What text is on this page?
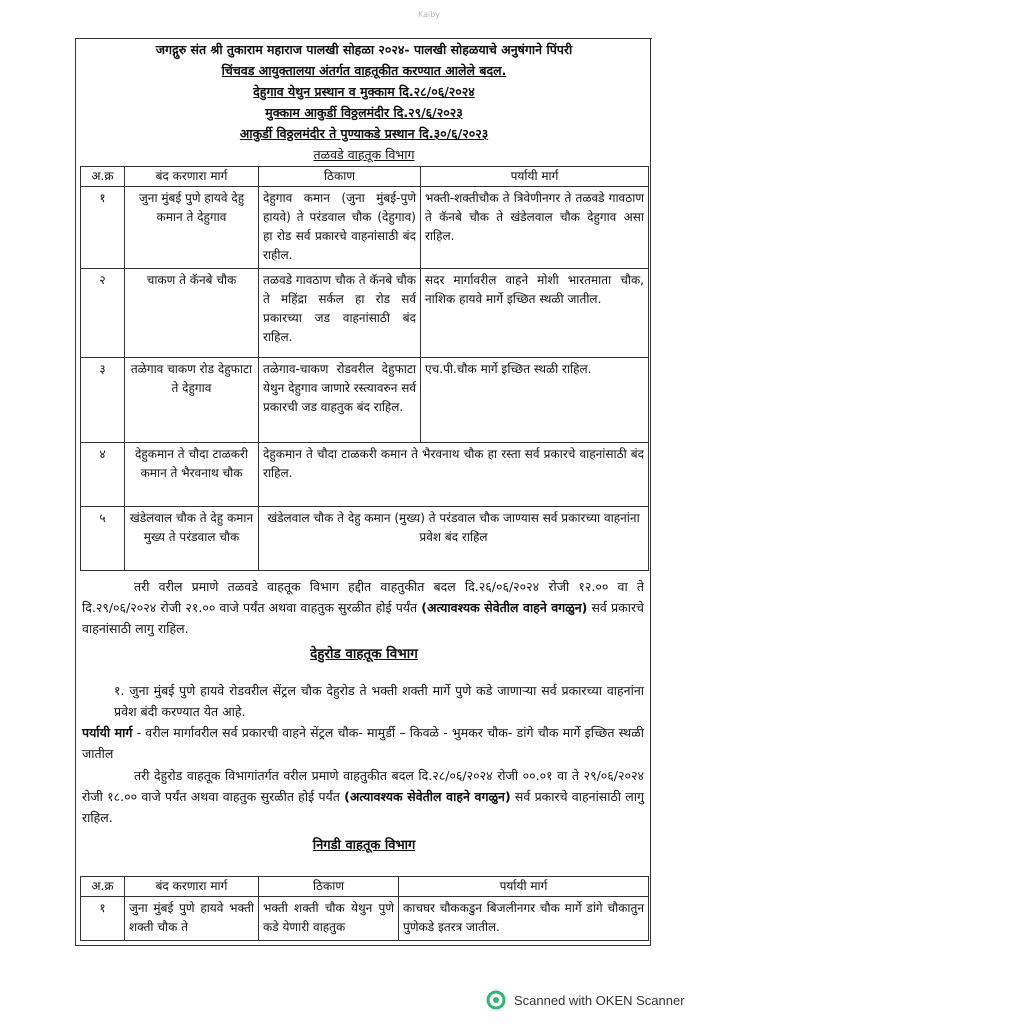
Kaiby
जगद्गुरु संत श्री तुकाराम महाराज पालखी सोहळा २०२४- पालखी सोहळयाचे अनुषंगाने पिंपरी
चिंचवड आयुक्तालया अंतर्गत वाहतूकीत करण्यात आलेले बदल.
देहुगाव येथुन प्रस्थान व मुक्काम दि.२८/०६/२०२४
मुक्काम आकुर्डी विठ्ठलमंदीर दि.२९/६/२०२३
आकुर्डी विठ्ठलमंदीर ते पुण्याकडे प्रस्थान दि.३०/६/२०२३
तळवडे वाहतूक विभाग
अ.क्र	बंद करणारा मार्ग	ठिकाण	पर्यायी मार्ग
१	जुना मुंबई पुणे हायवे देहु कमान ते देहुगाव	देहुगाव कमान (जुना मुंबई-पुणे हायवे) ते परंडवाल चौक (देहुगाव) हा रोड सर्व प्रकारचे वाहनांसाठी बंद राहील.	भक्ती-शक्तीचौक ते त्रिवेणीनगर ते तळवडे गावठाण ते कॅनबे चौक ते खंडेलवाल चौक देहुगाव असा राहिल.
२	चाकण ते कॅनबे चौक	तळवडे गावठाण चौक ते कॅनबे चौक ते महिंद्रा सर्कल हा रोड सर्व प्रकारच्या जड वाहनांसाठी बंद राहिल.	सदर मार्गावरील वाहने मोशी भारतमाता चौक, नाशिक हायवे मार्गे इच्छित स्थळी जातील.
३	तळेगाव चाकण रोड देहुफाटा ते देहुगाव	तळेगाव-चाकण रोडवरील देहुफाटा येथुन देहुगाव जाणारे रस्त्यावरुन सर्व प्रकारची जड वाहतुक बंद राहिल.	एच.पी.चौक मार्गे इच्छित स्थळी राहिल.
४	देहुकमान ते चौदा टाळकरी कमान ते भैरवनाथ चौक	देहुकमान ते चौदा टाळकरी कमान ते भैरवनाथ चौक हा रस्ता सर्व प्रकारचे वाहनांसाठी बंद राहिल.	
५	खंडेलवाल चौक ते देहु कमान मुख्य ते परंडवाल चौक	खंडेलवाल चौक ते देहु कमान (मुख्य) ते परंडवाल चौक जाण्यास सर्व प्रकारच्या वाहनांना प्रवेश बंद राहिल	
तरी वरील प्रमाणे तळवडे वाहतूक विभाग हद्दीत वाहतुकीत बदल दि.२६/०६/२०२४ रोजी १२.०० वा ते दि.२९/०६/२०२४ रोजी २१.०० वाजे पर्यंत अथवा वाहतुक सुरळीत होई पर्यंत (अत्यावश्यक सेवेतील वाहने वगळुन) सर्व प्रकारचे वाहनांसाठी लागु राहिल.
देहुरोड वाहतूक विभाग
१. जुना मुंबई पुणे हायवे रोडवरील सेंट्रल चौक देहुरोड ते भक्ती शक्ती मार्गे पुणे कडे जाणाऱ्या सर्व प्रकारच्या वाहनांना प्रवेश बंदी करण्यात येत आहे.
पर्यायी मार्ग - वरील मार्गावरील सर्व प्रकारची वाहने सेंट्रल चौक- मामुर्डी – किवळे - भुमकर चौक- डांगे चौक मार्गे इच्छित स्थळी जातील
तरी देहुरोड वाहतूक विभागांतर्गत वरील प्रमाणे वाहतुकीत बदल दि.२८/०६/२०२४ रोजी ००.०१ वा ते २९/०६/२०२४ रोजी १८.०० वाजे पर्यंत अथवा वाहतुक सुरळीत होई पर्यंत (अत्यावश्यक सेवेतील वाहने वगळुन) सर्व प्रकारचे वाहनांसाठी लागु राहिल.
निगडी वाहतूक विभाग
अ.क्र	बंद करणारा मार्ग	ठिकाण	पर्यायी मार्ग
१	जुना मुंबई पुणे हायवे भक्ती शक्ती चौक ते	भक्ती शक्ती चौक येथुन पुणे कडे येणारी वाहतुक	काचघर चौककडुन बिजलीनगर चौक मार्गे डांगे चौकातुन पुणेकडे इतरत्र जातील.
Scanned with OKEN Scanner
